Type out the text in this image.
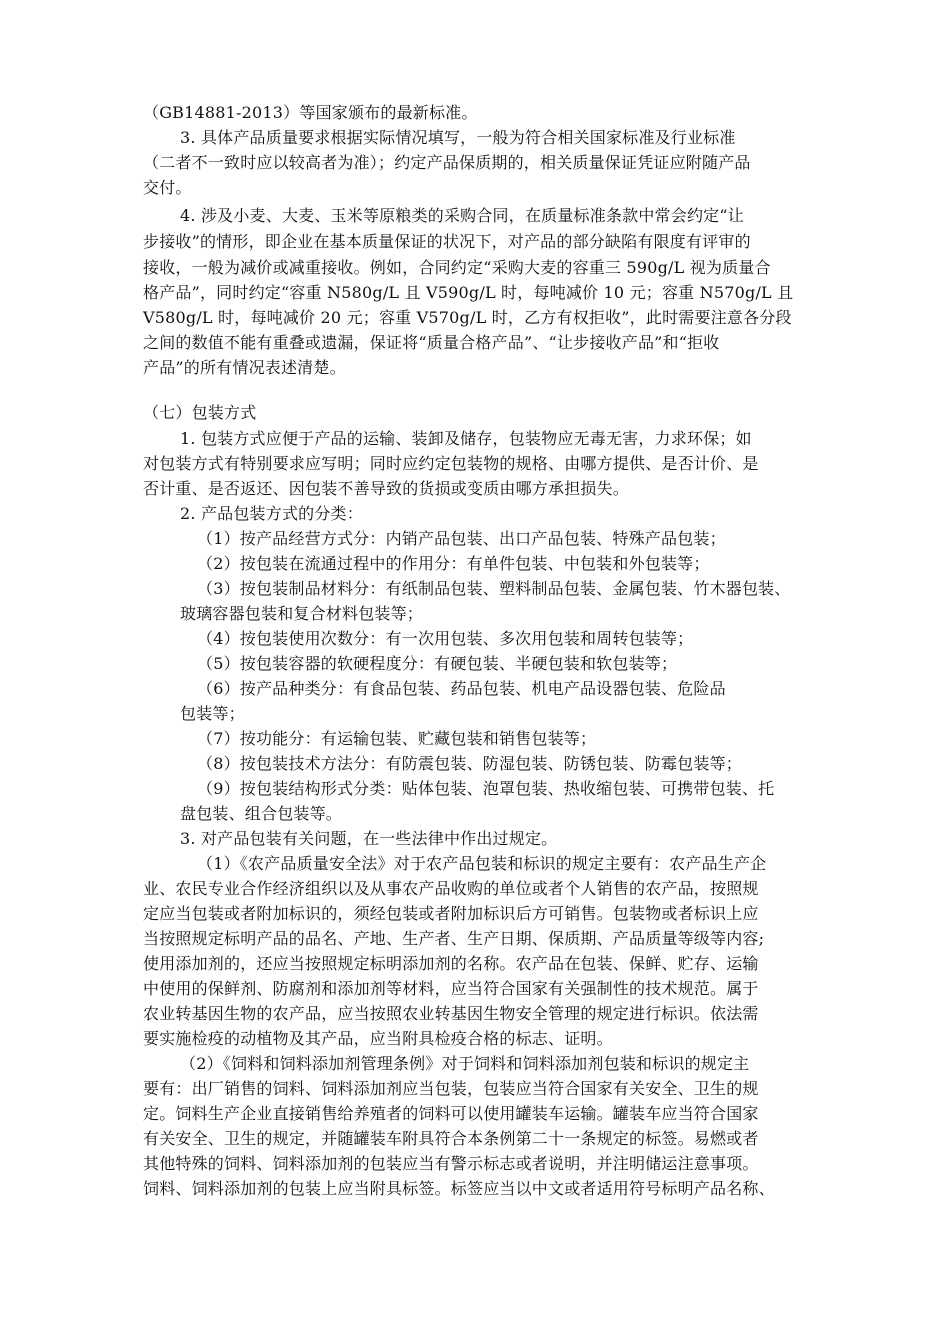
（GB14881-2013）等国家颁布的最新标准。

3. 具体产品质量要求根据实际情况填写，一般为符合相关国家标准及行业标准

（二者不一致时应以较高者为准）；约定产品保质期的，相关质量保证凭证应附随产品

交付。

4. 涉及小麦、大麦、玉米等原粮类的采购合同，在质量标准条款中常会约定“让

步接收”的情形，即企业在基本质量保证的状况下，对产品的部分缺陷有限度有评审的

接收，一般为减价或减重接收。例如，合同约定“采购大麦的容重三 590g/L 视为质量合

格产品”，同时约定“容重 N580g/L 且 V590g/L 时，每吨减价 10 元；容重 N570g/L 且

V580g/L 时，每吨减价 20 元；容重 V570g/L 时，乙方有权拒收”，此时需要注意各分段

之间的数值不能有重叠或遗漏，保证将“质量合格产品”、“让步接收产品”和“拒收

产品”的所有情况表述清楚。

（七）包装方式

1. 包装方式应便于产品的运输、装卸及储存，包装物应无毒无害，力求环保；如

对包装方式有特别要求应写明；同时应约定包装物的规格、由哪方提供、是否计价、是

否计重、是否返还、因包装不善导致的货损或变质由哪方承担损失。

2. 产品包装方式的分类：

（1）按产品经营方式分：内销产品包装、出口产品包装、特殊产品包装；

（2）按包装在流通过程中的作用分：有单件包装、中包装和外包装等；

（3）按包装制品材料分：有纸制品包装、塑料制品包装、金属包装、竹木器包装、

玻璃容器包装和复合材料包装等；

（4）按包装使用次数分：有一次用包装、多次用包装和周转包装等；

（5）按包装容器的软硬程度分：有硬包装、半硬包装和软包装等；

（6）按产品种类分：有食品包装、药品包装、机电产品设器包装、危险品

包装等；

（7）按功能分：有运输包装、贮藏包装和销售包装等；

（8）按包装技术方法分：有防震包装、防湿包装、防锈包装、防霉包装等；

（9）按包装结构形式分类：贴体包装、泡罩包装、热收缩包装、可携带包装、托

盘包装、组合包装等。

3. 对产品包装有关问题，在一些法律中作出过规定。

（1）《农产品质量安全法》对于农产品包装和标识的规定主要有：农产品生产企

业、农民专业合作经济组织以及从事农产品收购的单位或者个人销售的农产品，按照规

定应当包装或者附加标识的，须经包装或者附加标识后方可销售。包装物或者标识上应

当按照规定标明产品的品名、产地、生产者、生产日期、保质期、产品质量等级等内容;

使用添加剂的，还应当按照规定标明添加剂的名称。农产品在包装、保鲜、贮存、运输

中使用的保鲜剂、防腐剂和添加剂等材料，应当符合国家有关强制性的技术规范。属于

农业转基因生物的农产品，应当按照农业转基因生物安全管理的规定进行标识。依法需

要实施检疫的动植物及其产品，应当附具检疫合格的标志、证明。

（2）《饲料和饲料添加剂管理条例》对于饲料和饲料添加剂包装和标识的规定主

要有：出厂销售的饲料、饲料添加剂应当包装，包装应当符合国家有关安全、卫生的规

定。饲料生产企业直接销售给养殖者的饲料可以使用罐装车运输。罐装车应当符合国家

有关安全、卫生的规定，并随罐装车附具符合本条例第二十一条规定的标签。易燃或者

其他特殊的饲料、饲料添加剂的包装应当有警示标志或者说明，并注明储运注意事项。

饲料、饲料添加剂的包装上应当附具标签。标签应当以中文或者适用符号标明产品名称、
